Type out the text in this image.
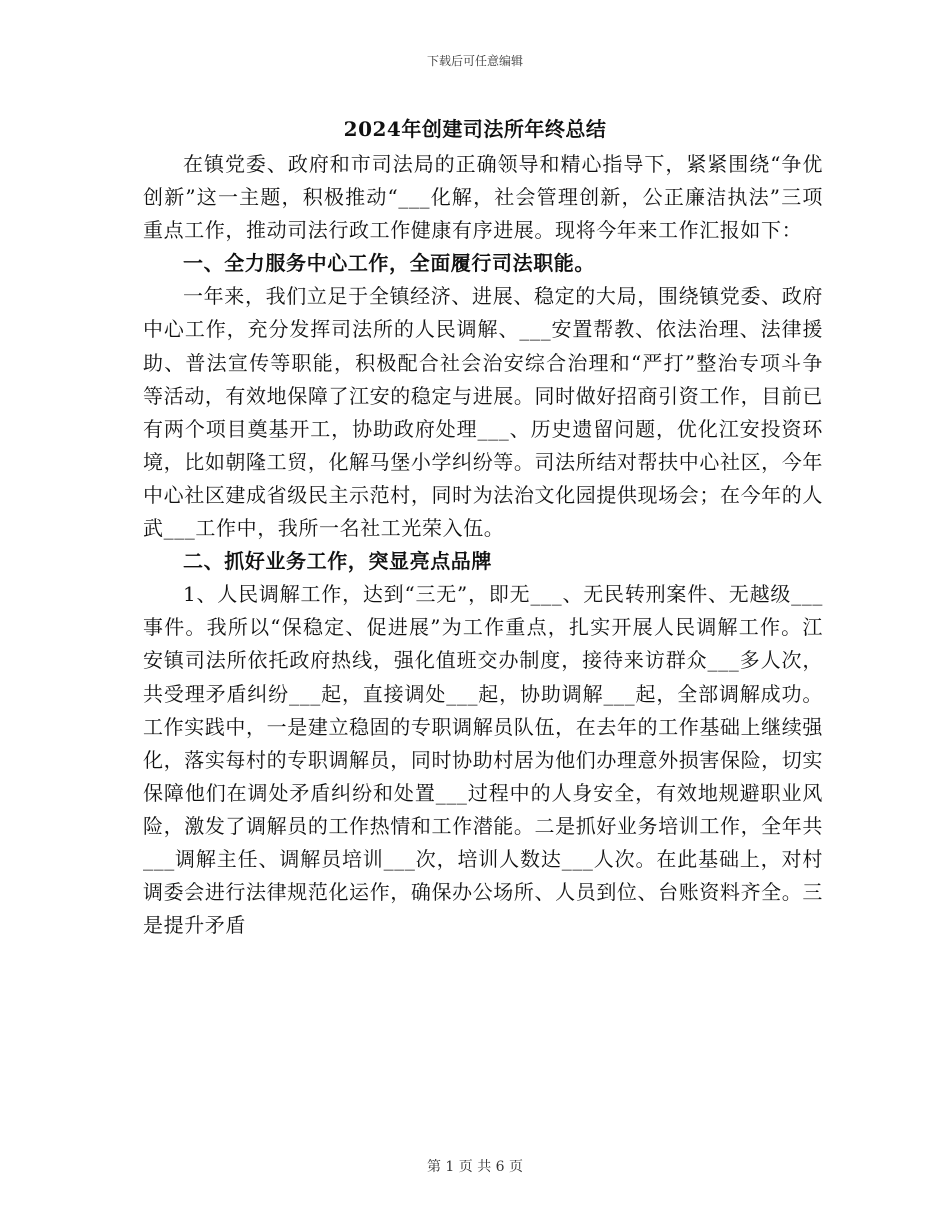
下载后可任意编辑
2024年创建司法所年终总结

在镇党委、政府和市司法局的正确领导和精心指导下，紧紧围绕“争优创新”这一主题，积极推动“___化解，社会管理创新，公正廉洁执法”三项重点工作，推动司法行政工作健康有序进展。现将今年来工作汇报如下：

一、全力服务中心工作，全面履行司法职能。

一年来，我们立足于全镇经济、进展、稳定的大局，围绕镇党委、政府中心工作，充分发挥司法所的人民调解、___安置帮教、依法治理、法律援助、普法宣传等职能，积极配合社会治安综合治理和“严打”整治专项斗争等活动，有效地保障了江安的稳定与进展。同时做好招商引资工作，目前已有两个项目奠基开工，协助政府处理___、历史遗留问题，优化江安投资环境，比如朝隆工贸，化解马堡小学纠纷等。司法所结对帮扶中心社区，今年中心社区建成省级民主示范村，同时为法治文化园提供现场会；在今年的人武___工作中，我所一名社工光荣入伍。

二、抓好业务工作，突显亮点品牌

1、人民调解工作，达到“三无”，即无___、无民转刑案件、无越级___事件。我所以“保稳定、促进展”为工作重点，扎实开展人民调解工作。江安镇司法所依托政府热线，强化值班交办制度，接待来访群众___多人次，共受理矛盾纠纷___起，直接调处___起，协助调解___起，全部调解成功。工作实践中，一是建立稳固的专职调解员队伍，在去年的工作基础上继续强化，落实每村的专职调解员，同时协助村居为他们办理意外损害保险，切实保障他们在调处矛盾纠纷和处置___过程中的人身安全，有效地规避职业风险，激发了调解员的工作热情和工作潜能。二是抓好业务培训工作，全年共___调解主任、调解员培训___次，培训人数达___人次。在此基础上，对村调委会进行法律规范化运作，确保办公场所、人员到位、台账资料齐全。三是提升矛盾

第 1 页 共 6 页
